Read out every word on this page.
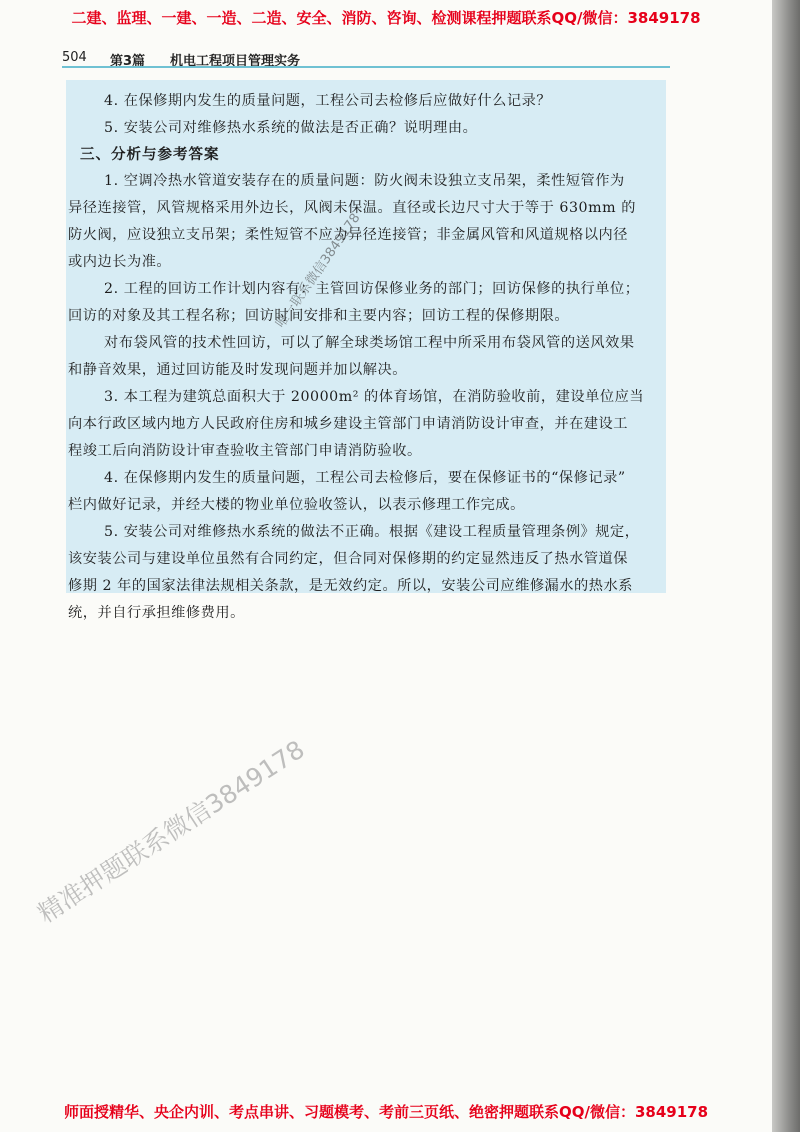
二建、监理、一建、一造、二造、安全、消防、咨询、检测课程押题联系QQ/微信：3849178
504 第3篇 机电工程项目管理实务
4. 在保修期内发生的质量问题，工程公司去检修后应做好什么记录？
5. 安装公司对维修热水系统的做法是否正确？说明理由。
三、分析与参考答案
1. 空调冷热水管道安装存在的质量问题：防火阀未设独立支吊架，柔性短管作为
异径连接管，风管规格采用外边长，风阀未保温。直径或长边尺寸大于等于 630mm 的
防火阀，应设独立支吊架；柔性短管不应为异径连接管；非金属风管和风道规格以内径
或内边长为准。
2. 工程的回访工作计划内容有：主管回访保修业务的部门；回访保修的执行单位；
回访的对象及其工程名称；回访时间安排和主要内容；回访工程的保修期限。
对布袋风管的技术性回访，可以了解全球类场馆工程中所采用布袋风管的送风效果
和静音效果，通过回访能及时发现问题并加以解决。
3. 本工程为建筑总面积大于 20000m² 的体育场馆，在消防验收前，建设单位应当
向本行政区域内地方人民政府住房和城乡建设主管部门申请消防设计审查，并在建设工
程竣工后向消防设计审查验收主管部门申请消防验收。
4. 在保修期内发生的质量问题，工程公司去检修后，要在保修证书的“保修记录”
栏内做好记录，并经大楼的物业单位验收签认，以表示修理工作完成。
5. 安装公司对维修热水系统的做法不正确。根据《建设工程质量管理条例》规定，
该安装公司与建设单位虽然有合同约定，但合同对保修期的约定显然违反了热水管道保
修期 2 年的国家法律法规相关条款，是无效约定。所以，安装公司应维修漏水的热水系
统，并自行承担维修费用。
唯一联系微信3849178
精准押题联系微信3849178
师面授精华、央企内训、考点串讲、习题模考、考前三页纸、绝密押题联系QQ/微信：3849178
